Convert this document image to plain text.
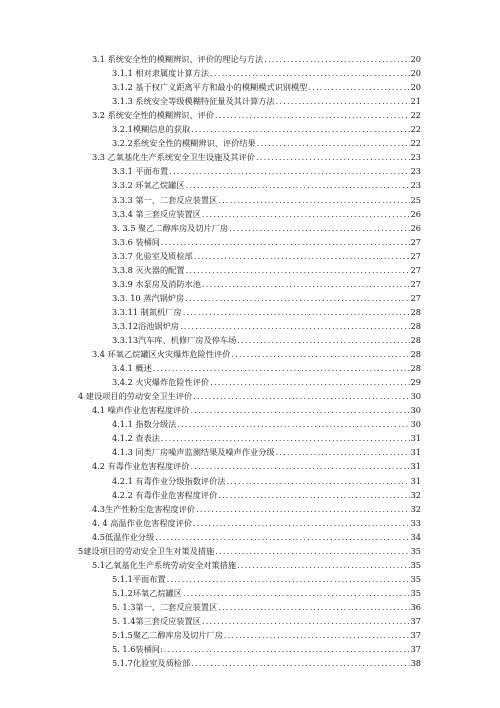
3.1 系统安全性的模糊辨识、评价的理论与方法 .....	20
3.1.1 相对隶属度计算方法 .....	20
3.1.2 基于权广义距离平方和最小的模糊模式识别模型 .....	20
3.1.3 系统安全等级模糊特征量及其计算方法 .....	21
3.2 系统安全性的模糊辨识、评价 .....	22
3.2.1模糊信息的获取 .....	22
3.2.2系统安全性的模糊辨识、评价结果 .....	22
3.3 乙氧基化生产系统安全卫生设施及其评价 .....	23
3.3.1 平面布置 .....	23
3.3.2 环氧乙烷罐区 .....	23
3.3.3 第一、二套反应装置区 .....	25
3.3.4 第三套反应装置区 .....	26
3. 3.5 聚乙二醇库房及切片厂房 .....	26
3.3.6 装桶间 .....	27
3.3.7 化验室及质检部 .....	27
3.3.8 灭火器的配置 .....	27
3.3.9 水泵房及消防水池 .....	27
3.3. 10 蒸汽锅炉房 .....	27
3.3.11 制氮机厂房 .....	28
3.3.12浴池锅炉房 .....	28
3.3.13汽车库、机修厂房及停车场 .....	28
3.4 环氧乙烷罐区火灾爆炸危险性评价 .....	28
3.4.1 概述 .....	28
3.4.2 火灾爆炸危险性评价 .....	29
4 建设项目的劳动安全卫生评价 .....	30
4.1 噪声作业危害程度评价 .....	30
4.1.1 指数分级法 .....	30
4.1.2 查表法 .....	31
4.1.3 同类厂房噪声监测结果及噪声作业分级 .....	31
4.2 有毒作业危害程度评价 .....	31
4.2.1 有毒作业分级指数评价法 .....	31
4.2.2 有毒作业危害程度评价 .....	32
4.3生产性粉尘危害程度评价 .....	32
4. 4 高温作业危害程度评价 .....	33
4.5低温作业分级 .....	34
5建设项目的劳动安全卫生对策及措施 .....	35
5.1乙氧基化生产系统劳动安全对策措施 .....	35
5.1.1平面布置 .....	35
5.1.2环氧乙烷罐区 .....	35
5. 1.3第一、二套反应装置区 .....	36
5. 1.4第三套反应装置区 .....	37
5.1.5聚乙二醇库房及切片厂房 .....	37
5. 1.6装桶间: .....	37
5.1.7化验室及质检部 .....	38
